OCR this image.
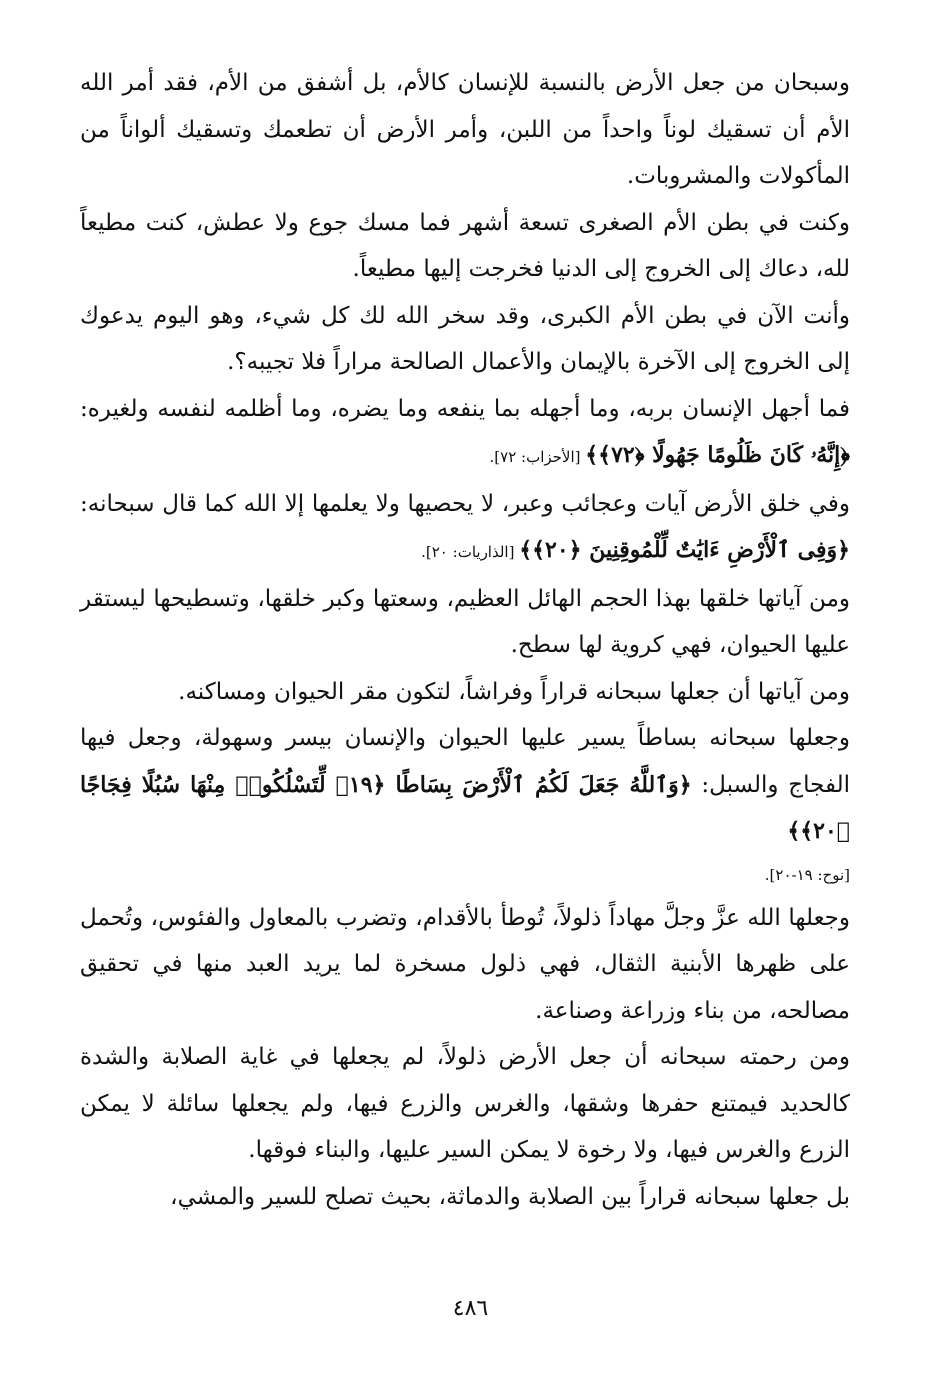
وسبحان من جعل الأرض بالنسبة للإنسان كالأم، بل أشفق من الأم، فقد أمر الله الأم أن تسقيك لوناً واحداً من اللبن، وأمر الأرض أن تطعمك وتسقيك ألواناً من المأكولات والمشروبات.

وكنت في بطن الأم الصغرى تسعة أشهر فما مسك جوع ولا عطش، كنت مطيعاً لله، دعاك إلى الخروج إلى الدنيا فخرجت إليها مطيعاً.

وأنت الآن في بطن الأم الكبرى، وقد سخر الله لك كل شيء، وهو اليوم يدعوك إلى الخروج إلى الآخرة بالإيمان والأعمال الصالحة مراراً فلا تجيبه؟.

فما أجهل الإنسان بربه، وما أجهله بما ينفعه وما يضره، وما أظلمه لنفسه ولغيره: ﴿إِنَّهُۥ كَانَ ظَلُومًا جَهُولًا ﴿٧٢﴾﴾ [الأحزاب: ٧٢].

وفي خلق الأرض آيات وعجائب وعبر، لا يحصيها ولا يعلمها إلا الله كما قال سبحانه: ﴿وَفِى ٱلْأَرْضِ ءَايَٰتٌ لِّلْمُوقِنِينَ ﴿٢٠﴾﴾ [الذاريات: ٢٠].

ومن آياتها خلقها بهذا الحجم الهائل العظيم، وسعتها وكبر خلقها، وتسطيحها ليستقر عليها الحيوان، فهي كروية لها سطح.

ومن آياتها أن جعلها سبحانه قراراً وفراشاً، لتكون مقر الحيوان ومساكنه.

وجعلها سبحانه بساطاً يسير عليها الحيوان والإنسان بيسر وسهولة، وجعل فيها الفجاج والسبل: ﴿وَٱللَّهُ جَعَلَ لَكُمُ ٱلْأَرْضَ بِسَاطًا ﴿١٩﴾ لِّتَسْلُكُوا۟ مِنْهَا سُبُلًا فِجَاجًا ﴿٢٠﴾﴾

[نوح: ١٩-٢٠].

وجعلها الله عزَّ وجلَّ مهاداً ذلولاً، تُوطأ بالأقدام، وتضرب بالمعاول والفئوس، وتُحمل على ظهرها الأبنية الثقال، فهي ذلول مسخرة لما يريد العبد منها في تحقيق مصالحه، من بناء وزراعة وصناعة.

ومن رحمته سبحانه أن جعل الأرض ذلولاً، لم يجعلها في غاية الصلابة والشدة كالحديد فيمتنع حفرها وشقها، والغرس والزرع فيها، ولم يجعلها سائلة لا يمكن الزرع والغرس فيها، ولا رخوة لا يمكن السير عليها، والبناء فوقها.

بل جعلها سبحانه قراراً بين الصلابة والدماثة، بحيث تصلح للسير والمشي،

٤٨٦
